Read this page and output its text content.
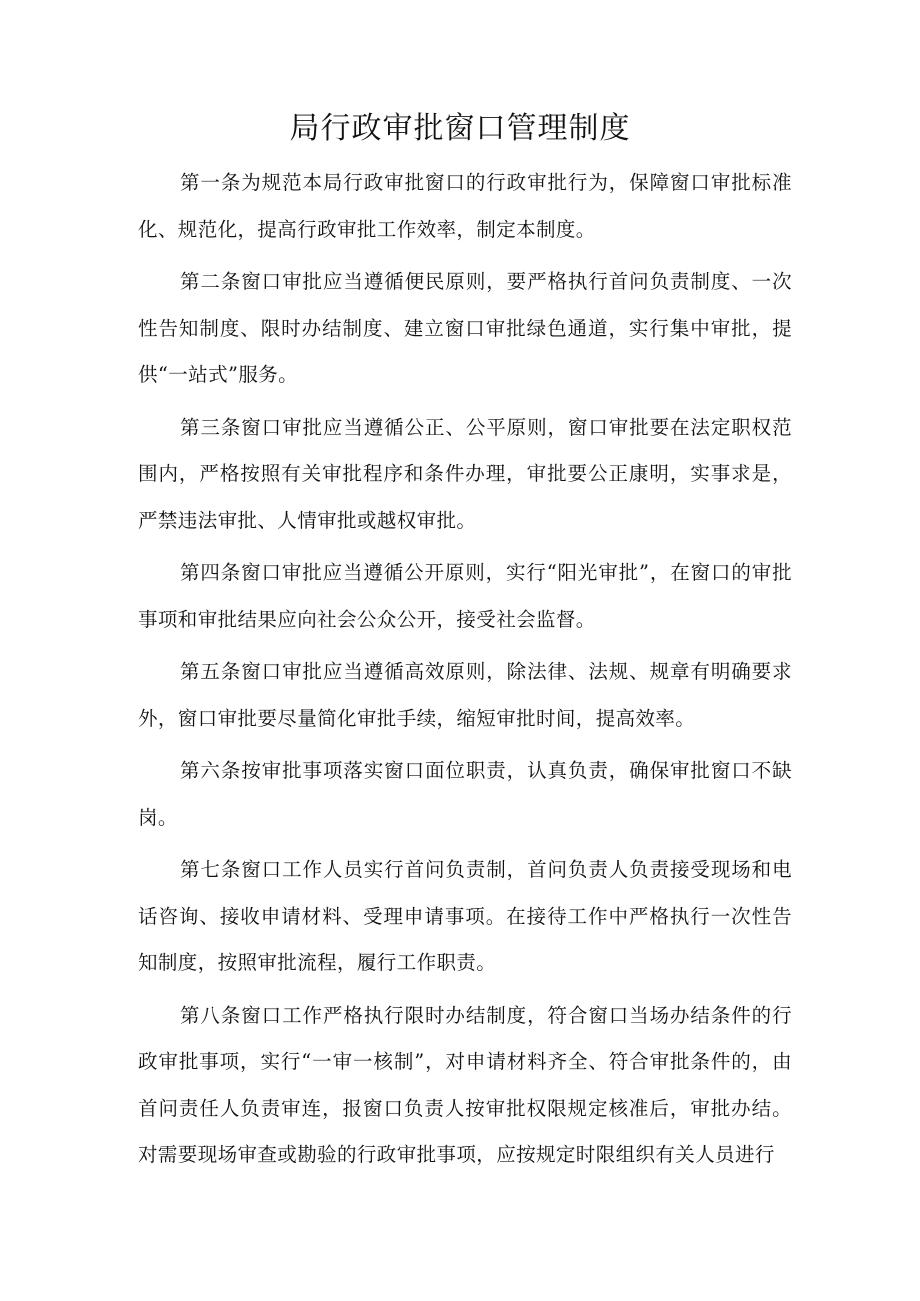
局行政审批窗口管理制度

第一条为规范本局行政审批窗口的行政审批行为，保障窗口审批标准化、规范化，提高行政审批工作效率，制定本制度。

第二条窗口审批应当遵循便民原则，要严格执行首问负责制度、一次性告知制度、限时办结制度、建立窗口审批绿色通道，实行集中审批，提供“一站式”服务。

第三条窗口审批应当遵循公正、公平原则，窗口审批要在法定职权范围内，严格按照有关审批程序和条件办理，审批要公正康明，实事求是，严禁违法审批、人情审批或越权审批。

第四条窗口审批应当遵循公开原则，实行“阳光审批”，在窗口的审批事项和审批结果应向社会公众公开，接受社会监督。

第五条窗口审批应当遵循高效原则，除法律、法规、规章有明确要求外，窗口审批要尽量简化审批手续，缩短审批时间，提高效率。

第六条按审批事项落实窗口面位职责，认真负责，确保审批窗口不缺岗。

第七条窗口工作人员实行首问负责制，首问负责人负责接受现场和电话咨询、接收申请材料、受理申请事项。在接待工作中严格执行一次性告知制度，按照审批流程，履行工作职责。

第八条窗口工作严格执行限时办结制度，符合窗口当场办结条件的行政审批事项，实行“一审一核制”，对申请材料齐全、符合审批条件的，由首问责任人负责审连，报窗口负责人按审批权限规定核准后，审批办结。对需要现场审查或勘验的行政审批事项，应按规定时限组织有关人员进行
